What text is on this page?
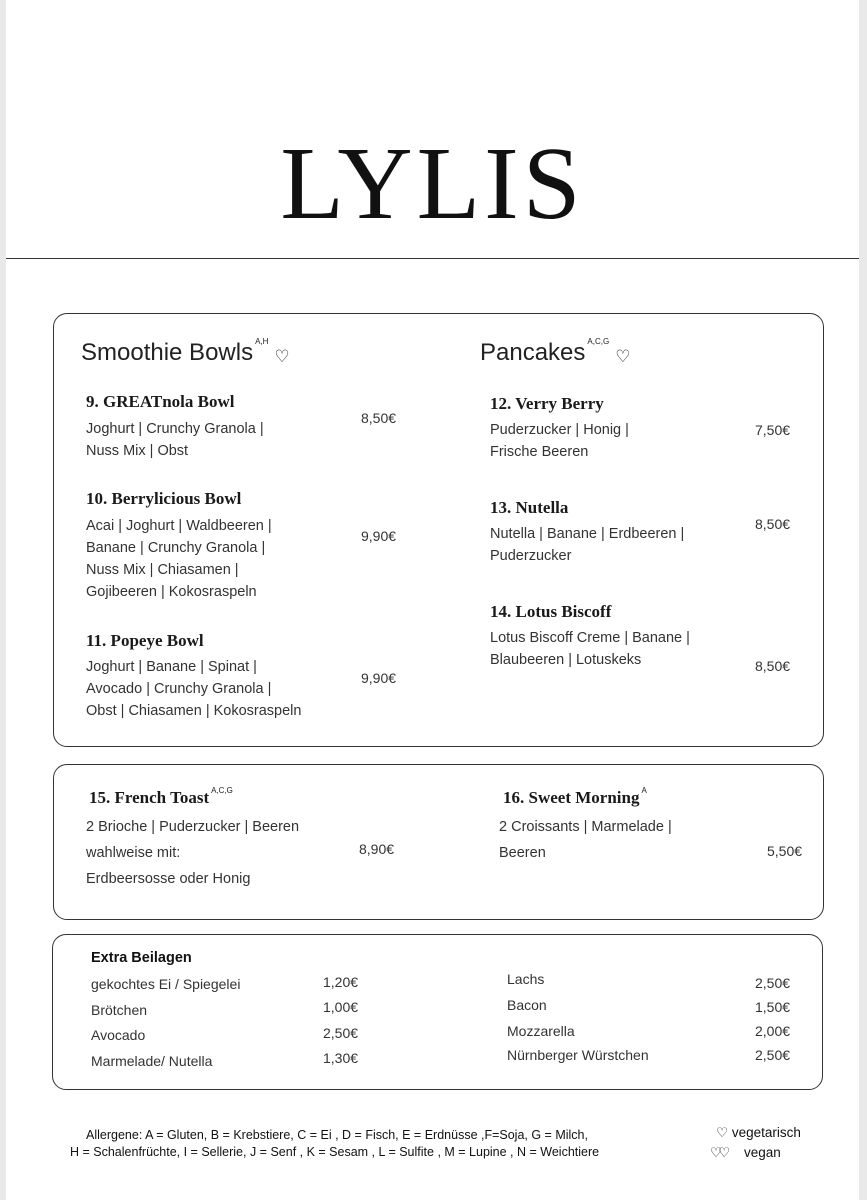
LYLIS
Smoothie Bowls $^{A,H}$♡
9. GREATnola Bowl
Joghurt | Crunchy Granola |
Nuss Mix | Obst
8,50€
10. Berrylicious Bowl
Acai | Joghurt | Waldbeeren |
Banane | Crunchy Granola |
Nuss Mix | Chiasamen |
Gojibeeren | Kokosraspeln
9,90€
11. Popeye Bowl
Joghurt | Banane | Spinat |
Avocado | Crunchy Granola |
Obst | Chiasamen | Kokosraspeln
9,90€
Pancakes $^{A,C,G}$♡
12. Verry Berry
Puderzucker | Honig |
Frische Beeren
7,50€
13. Nutella
Nutella | Banane | Erdbeeren |
Puderzucker
8,50€
14. Lotus Biscoff
Lotus Biscoff Creme | Banane |
Blaubeeren | Lotuskeks	8,50€
15. French Toast $^{A,C,G}$
2 Brioche | Puderzucker | Beeren
wahlweise mit:
Erdbeersosse oder Honig
8,90€
16. Sweet Morning $^A$
2 Croissants | Marmelade |
Beeren	5,50€
Extra Beilagen
gekochtes Ei / Spiegelei	1,20€
Brötchen	1,00€
Avocado	2,50€
Marmelade/ Nutella	1,30€
Lachs	2,50€
Bacon	1,50€
Mozzarella	2,00€
Nürnberger Würstchen	2,50€
Allergene: A = Gluten, B = Krebstiere, C = Ei , D = Fisch, E = Erdnüsse ,F=Soja, G = Milch,
H = Schalenfrüchte, I = Sellerie, J = Senf , K = Sesam , L = Sulfite , M = Lupine , N = Weichtiere
♡ vegetarisch
♡♡ vegan
